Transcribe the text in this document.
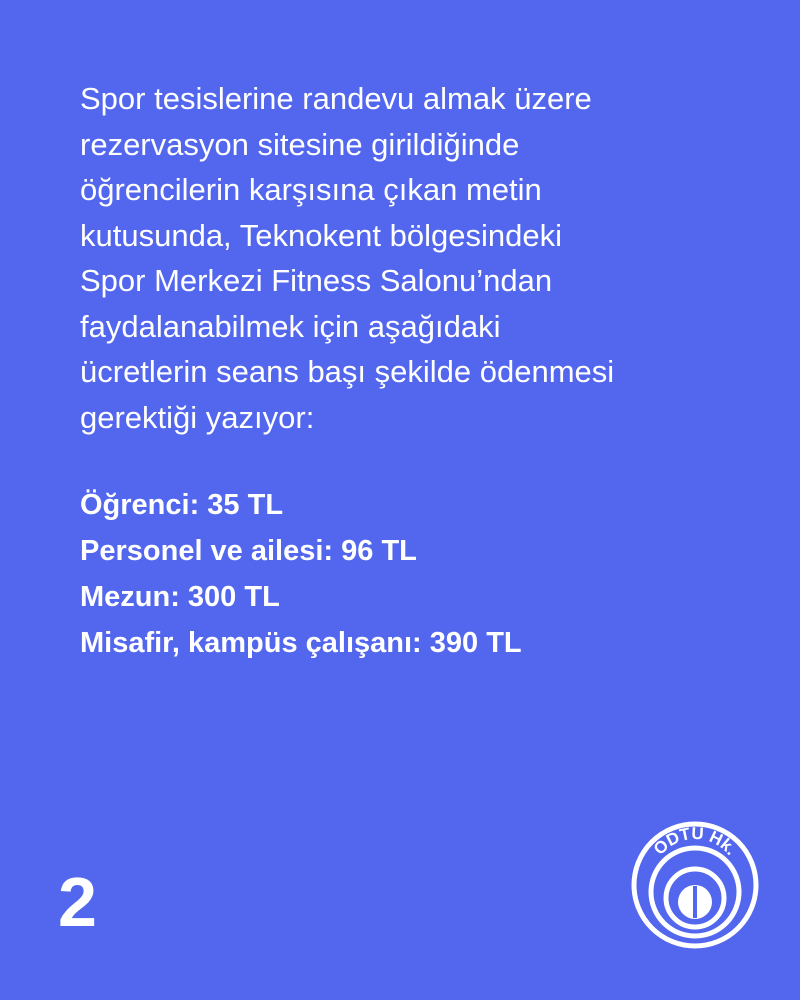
Spor tesislerine randevu almak üzere
rezervasyon sitesine girildiğinde
öğrencilerin karşısına çıkan metin
kutusunda, Teknokent bölgesindeki
Spor Merkezi Fitness Salonu’ndan
faydalanabilmek için aşağıdaki
ücretlerin seans başı şekilde ödenmesi
gerektiği yazıyor:
Öğrenci: 35 TL
Personel ve ailesi: 96 TL
Mezun: 300 TL
Misafir, kampüs çalışanı: 390 TL
2
ODTÜ Hk.
